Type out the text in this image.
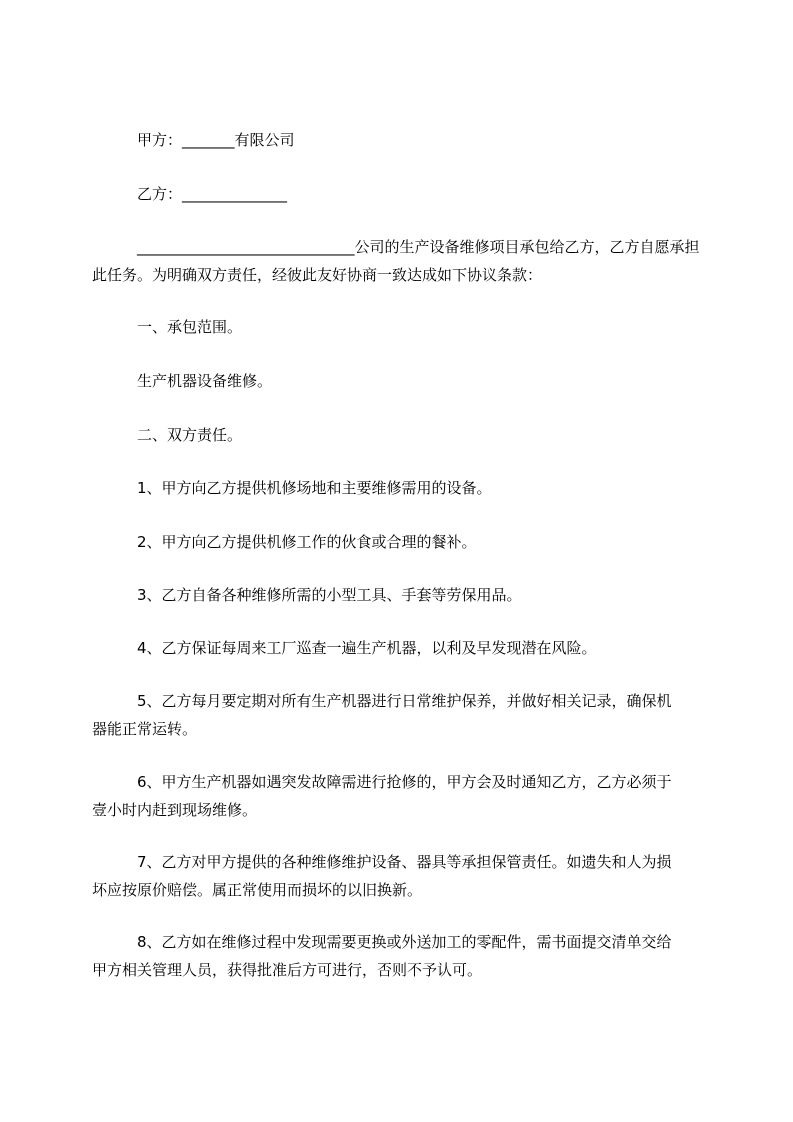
甲方：_______有限公司
乙方：______________
_____________________________公司的生产设备维修项目承包给乙方，乙方自愿承担
此任务。为明确双方责任，经彼此友好协商一致达成如下协议条款：
一、承包范围。
生产机器设备维修。
二、双方责任。
1、甲方向乙方提供机修场地和主要维修需用的设备。
2、甲方向乙方提供机修工作的伙食或合理的餐补。
3、乙方自备各种维修所需的小型工具、手套等劳保用品。
4、乙方保证每周来工厂巡查一遍生产机器，以利及早发现潜在风险。
5、乙方每月要定期对所有生产机器进行日常维护保养，并做好相关记录，确保机
器能正常运转。
6、甲方生产机器如遇突发故障需进行抢修的，甲方会及时通知乙方，乙方必须于
壹小时内赶到现场维修。
7、乙方对甲方提供的各种维修维护设备、器具等承担保管责任。如遗失和人为损
坏应按原价赔偿。属正常使用而损坏的以旧换新。
8、乙方如在维修过程中发现需要更换或外送加工的零配件，需书面提交清单交给
甲方相关管理人员，获得批准后方可进行，否则不予认可。
